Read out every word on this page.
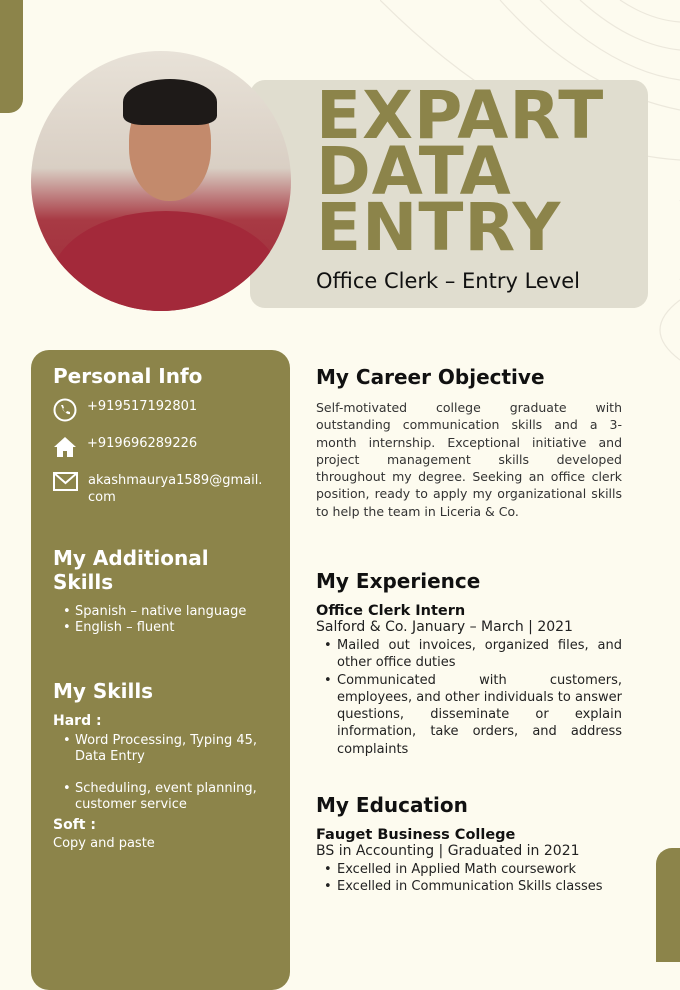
EXPART
DATA
ENTRY
Office Clerk – Entry Level
Personal Info
+919517192801
+919696289226
akashmaurya1589@gmail.com
My Additional Skills
• Spanish – native language
• English – fluent
My Skills
Hard :
• Word Processing, Typing 45, Data Entry
• Scheduling, event planning, customer service
Soft :
Copy and paste
My Career Objective

Self-motivated college graduate with outstanding communication skills and a 3-month internship. Exceptional initiative and project management skills developed throughout my degree. Seeking an office clerk position, ready to apply my organizational skills to help the team in Liceria & Co.

My Experience
Office Clerk Intern
Salford & Co. January – March | 2021
• Mailed out invoices, organized files, and other office duties
• Communicated with customers, employees, and other individuals to answer questions, disseminate or explain information, take orders, and address complaints
My Education
Fauget Business College
BS in Accounting | Graduated in 2021
• Excelled in Applied Math coursework
• Excelled in Communication Skills classes
